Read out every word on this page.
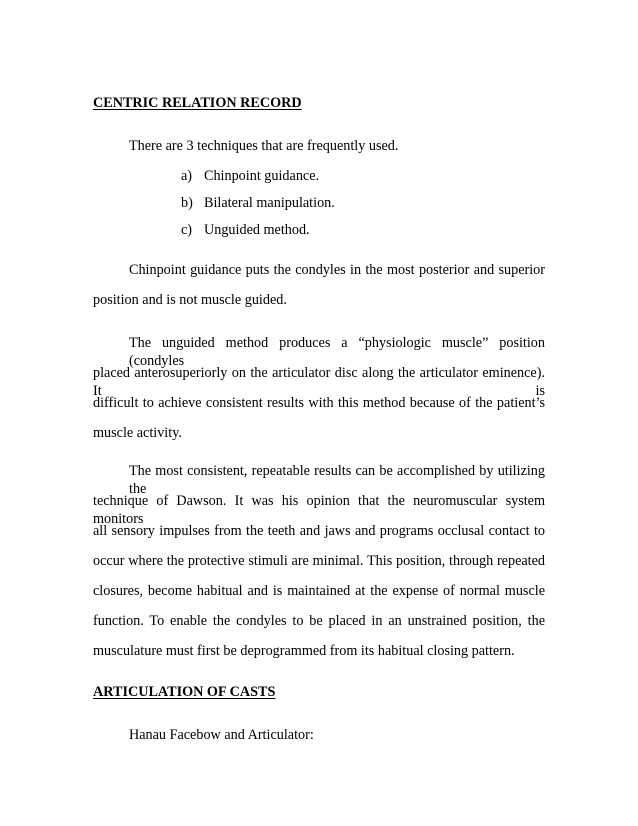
CENTRIC RELATION RECORD
There are 3 techniques that are frequently used.
a) Chinpoint guidance.
b) Bilateral manipulation.
c) Unguided method.
Chinpoint guidance puts the condyles in the most posterior and superior
position and is not muscle guided.
The unguided method produces a “physiologic muscle” position (condyles
placed anterosuperiorly on the articulator disc along the articulator eminence). It is
difficult to achieve consistent results with this method because of the patient’s
muscle activity.
The most consistent, repeatable results can be accomplished by utilizing the
technique of Dawson. It was his opinion that the neuromuscular system monitors
all sensory impulses from the teeth and jaws and programs occlusal contact to
occur where the protective stimuli are minimal. This position, through repeated
closures, become habitual and is maintained at the expense of normal muscle
function. To enable the condyles to be placed in an unstrained position, the
musculature must first be deprogrammed from its habitual closing pattern.
ARTICULATION OF CASTS
Hanau Facebow and Articulator:
